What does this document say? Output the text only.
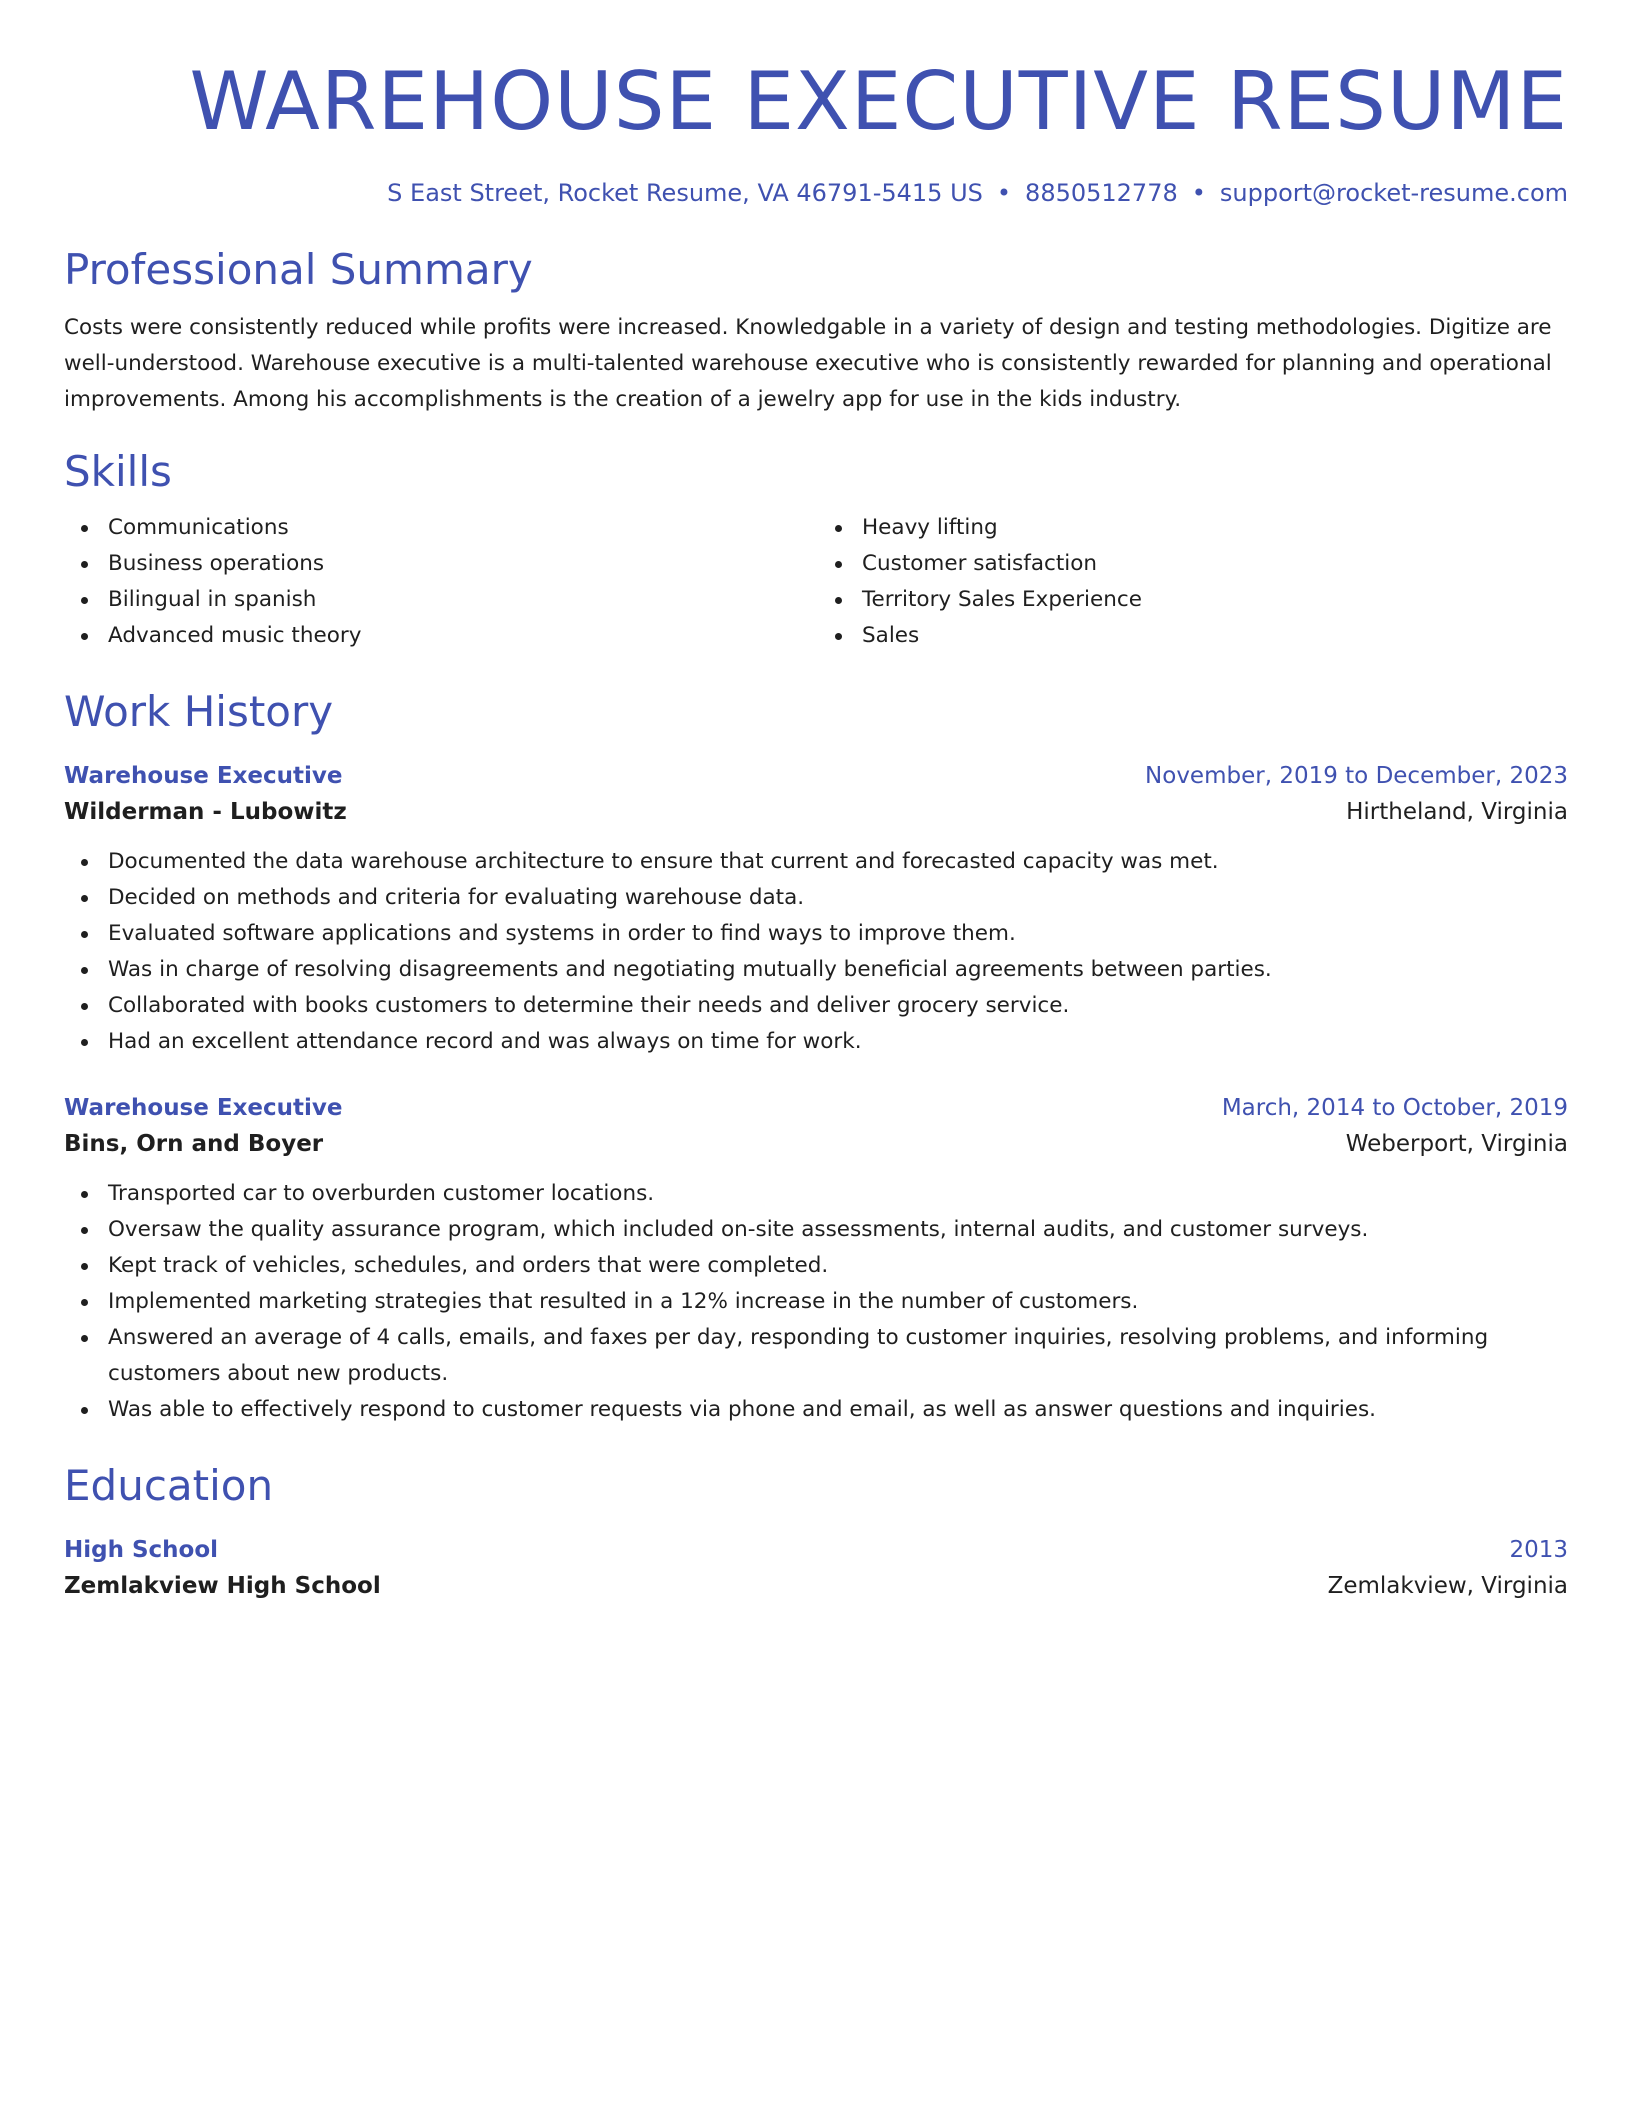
WAREHOUSE EXECUTIVE RESUME
S East Street, Rocket Resume, VA 46791-5415 US • 8850512778 • support@rocket-resume.com
Professional Summary

Costs were consistently reduced while profits were increased. Knowledgable in a variety of design and testing methodologies. Digitize are well-understood. Warehouse executive is a multi-talented warehouse executive who is consistently rewarded for planning and operational improvements. Among his accomplishments is the creation of a jewelry app for use in the kids industry.

Skills
Communications
Business operations
Bilingual in spanish
Advanced music theory
Heavy lifting
Customer satisfaction
Territory Sales Experience
Sales
Work History
Warehouse Executive	November, 2019 to December, 2023
Wilderman - Lubowitz	Hirtheland, Virginia
Documented the data warehouse architecture to ensure that current and forecasted capacity was met.
Decided on methods and criteria for evaluating warehouse data.
Evaluated software applications and systems in order to find ways to improve them.
Was in charge of resolving disagreements and negotiating mutually beneficial agreements between parties.
Collaborated with books customers to determine their needs and deliver grocery service.
Had an excellent attendance record and was always on time for work.
Warehouse Executive	March, 2014 to October, 2019
Bins, Orn and Boyer	Weberport, Virginia
Transported car to overburden customer locations.
Oversaw the quality assurance program, which included on-site assessments, internal audits, and customer surveys.
Kept track of vehicles, schedules, and orders that were completed.
Implemented marketing strategies that resulted in a 12% increase in the number of customers.
Answered an average of 4 calls, emails, and faxes per day, responding to customer inquiries, resolving problems, and informing customers about new products.
Was able to effectively respond to customer requests via phone and email, as well as answer questions and inquiries.
Education
High School	2013
Zemlakview High School	Zemlakview, Virginia
